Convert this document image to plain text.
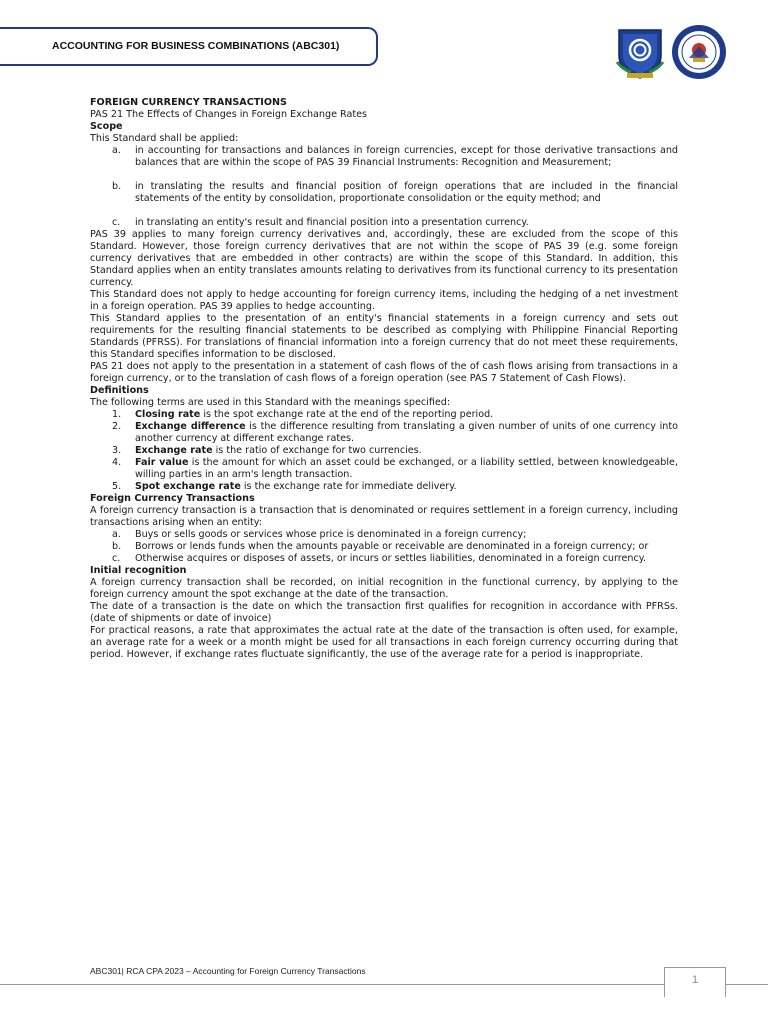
ACCOUNTING FOR BUSINESS COMBINATIONS (ABC301)

FOREIGN CURRENCY TRANSACTIONS

PAS 21 The Effects of Changes in Foreign Exchange Rates

Scope

This Standard shall be applied:

a. in accounting for transactions and balances in foreign currencies, except for those derivative transactions and balances that are within the scope of PAS 39 Financial Instruments: Recognition and Measurement;
b. in translating the results and financial position of foreign operations that are included in the financial statements of the entity by consolidation, proportionate consolidation or the equity method; and
c. in translating an entity's result and financial position into a presentation currency.

PAS 39 applies to many foreign currency derivatives and, accordingly, these are excluded from the scope of this Standard. However, those foreign currency derivatives that are not within the scope of PAS 39 (e.g. some foreign currency derivatives that are embedded in other contracts) are within the scope of this Standard. In addition, this Standard applies when an entity translates amounts relating to derivatives from its functional currency to its presentation currency.

This Standard does not apply to hedge accounting for foreign currency items, including the hedging of a net investment in a foreign operation. PAS 39 applies to hedge accounting.

This Standard applies to the presentation of an entity's financial statements in a foreign currency and sets out requirements for the resulting financial statements to be described as complying with Philippine Financial Reporting Standards (PFRSS). For translations of financial information into a foreign currency that do not meet these requirements, this Standard specifies information to be disclosed.

PAS 21 does not apply to the presentation in a statement of cash flows of the of cash flows arising from transactions in a foreign currency, or to the translation of cash flows of a foreign operation (see PAS 7 Statement of Cash Flows).

Definitions

The following terms are used in this Standard with the meanings specified:

1. Closing rate is the spot exchange rate at the end of the reporting period.
2. Exchange difference is the difference resulting from translating a given number of units of one currency into another currency at different exchange rates.
3. Exchange rate is the ratio of exchange for two currencies.
4. Fair value is the amount for which an asset could be exchanged, or a liability settled, between knowledgeable, willing parties in an arm's length transaction.
5. Spot exchange rate is the exchange rate for immediate delivery.

Foreign Currency Transactions

A foreign currency transaction is a transaction that is denominated or requires settlement in a foreign currency, including transactions arising when an entity:

a. Buys or sells goods or services whose price is denominated in a foreign currency;
b. Borrows or lends funds when the amounts payable or receivable are denominated in a foreign currency; or
c. Otherwise acquires or disposes of assets, or incurs or settles liabilities, denominated in a foreign currency.

Initial recognition

A foreign currency transaction shall be recorded, on initial recognition in the functional currency, by applying to the foreign currency amount the spot exchange at the date of the transaction.

The date of a transaction is the date on which the transaction first qualifies for recognition in accordance with PFRSs. (date of shipments or date of invoice)

For practical reasons, a rate that approximates the actual rate at the date of the transaction is often used, for example, an average rate for a week or a month might be used for all transactions in each foreign currency occurring during that period. However, if exchange rates fluctuate significantly, the use of the average rate for a period is inappropriate.

ABC301| RCA CPA 2023 – Accounting for Foreign Currency Transactions
1
